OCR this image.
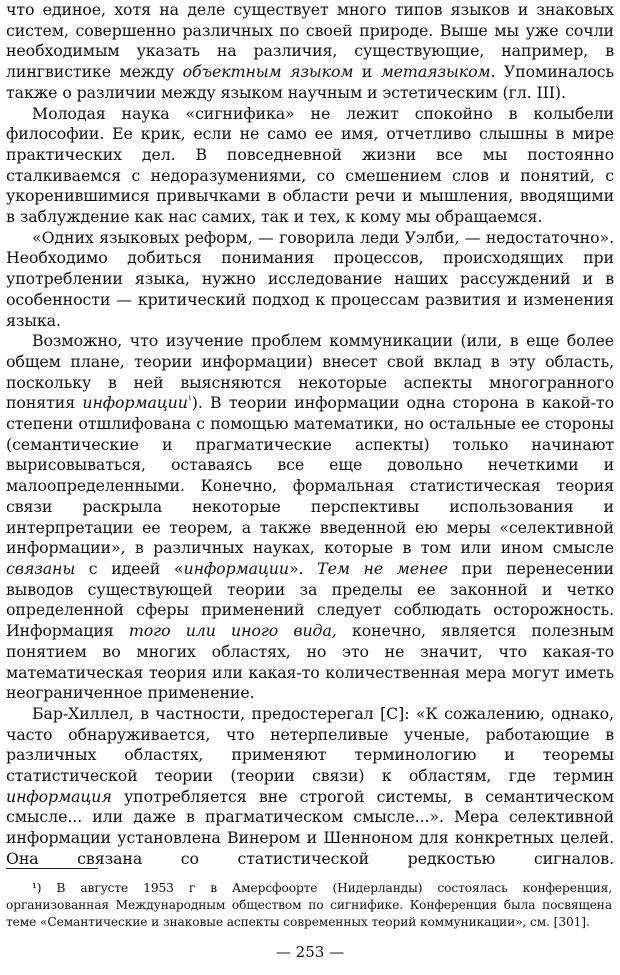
что единое, хотя на деле существует много типов языков и знаковых систем, совершенно различных по своей природе. Выше мы уже сочли необходимым указать на различия, существующие, например, в лингвистике между объектным языком и метаязыком. Упоминалось также о различии между языком научным и эстетическим (гл. III).

Молодая наука «сигнифика» не лежит спокойно в колыбели философии. Ее крик, если не само ее имя, отчетливо слышны в мире практических дел. В повседневной жизни все мы постоянно сталкиваемся с недоразумениями, со смешением слов и понятий, с укоренившимися привычками в области речи и мышления, вводящими в заблуждение как нас самих, так и тех, к кому мы обращаемся.

«Одних языковых реформ, — говорила леди Уэлби, — недостаточно». Необходимо добиться понимания процессов, происходящих при употреблении языка, нужно исследование наших рассуждений и в особенности — критический подход к процессам развития и изменения языка.

Возможно, что изучение проблем коммуникации (или, в еще более общем плане, теории информации) внесет свой вклад в эту область, поскольку в ней выясняются некоторые аспекты многогранного понятия информации$^{^1}$). В теории информации одна сторона в какой-то степени отшлифована с помощью математики, но остальные ее стороны (семантические и прагматические аспекты) только начинают вырисовываться, оставаясь все еще довольно нечеткими и малоопределенными. Конечно, формальная статистическая теория связи раскрыла некоторые перспективы использования и интерпретации ее теорем, а также введенной ею меры «селективной информации», в различных науках, которые в том или ином смысле связаны с идеей «информации». Тем не менее при перенесении выводов существующей теории за пределы ее законной и четко определенной сферы применений следует соблюдать осторожность. Информация того или иного вида, конечно, является полезным понятием во многих областях, но это не значит, что какая-то математическая теория или какая-то количественная мера могут иметь неограниченное применение.

Бар-Хиллел, в частности, предостерегал [С]: «К сожалению, однако, часто обнаруживается, что нетерпеливые ученые, работающие в различных областях, применяют терминологию и теоремы статистической теории (теории связи) к областям, где термин информация употребляется вне строгой системы, в семантическом смысле... или даже в прагматическом смысле...». Мера селективной информации установлена Винером и Шенноном для конкретных целей. Она связана со статистической редкостью сигналов.

¹) В августе 1953 г в Амерсфоорте (Нидерланды) состоялась конференция, организованная Международным обществом по сигнифике. Конференция была посвящена теме «Семантические и знаковые аспекты современных теорий коммуникации», см. [301].

— 253 —
